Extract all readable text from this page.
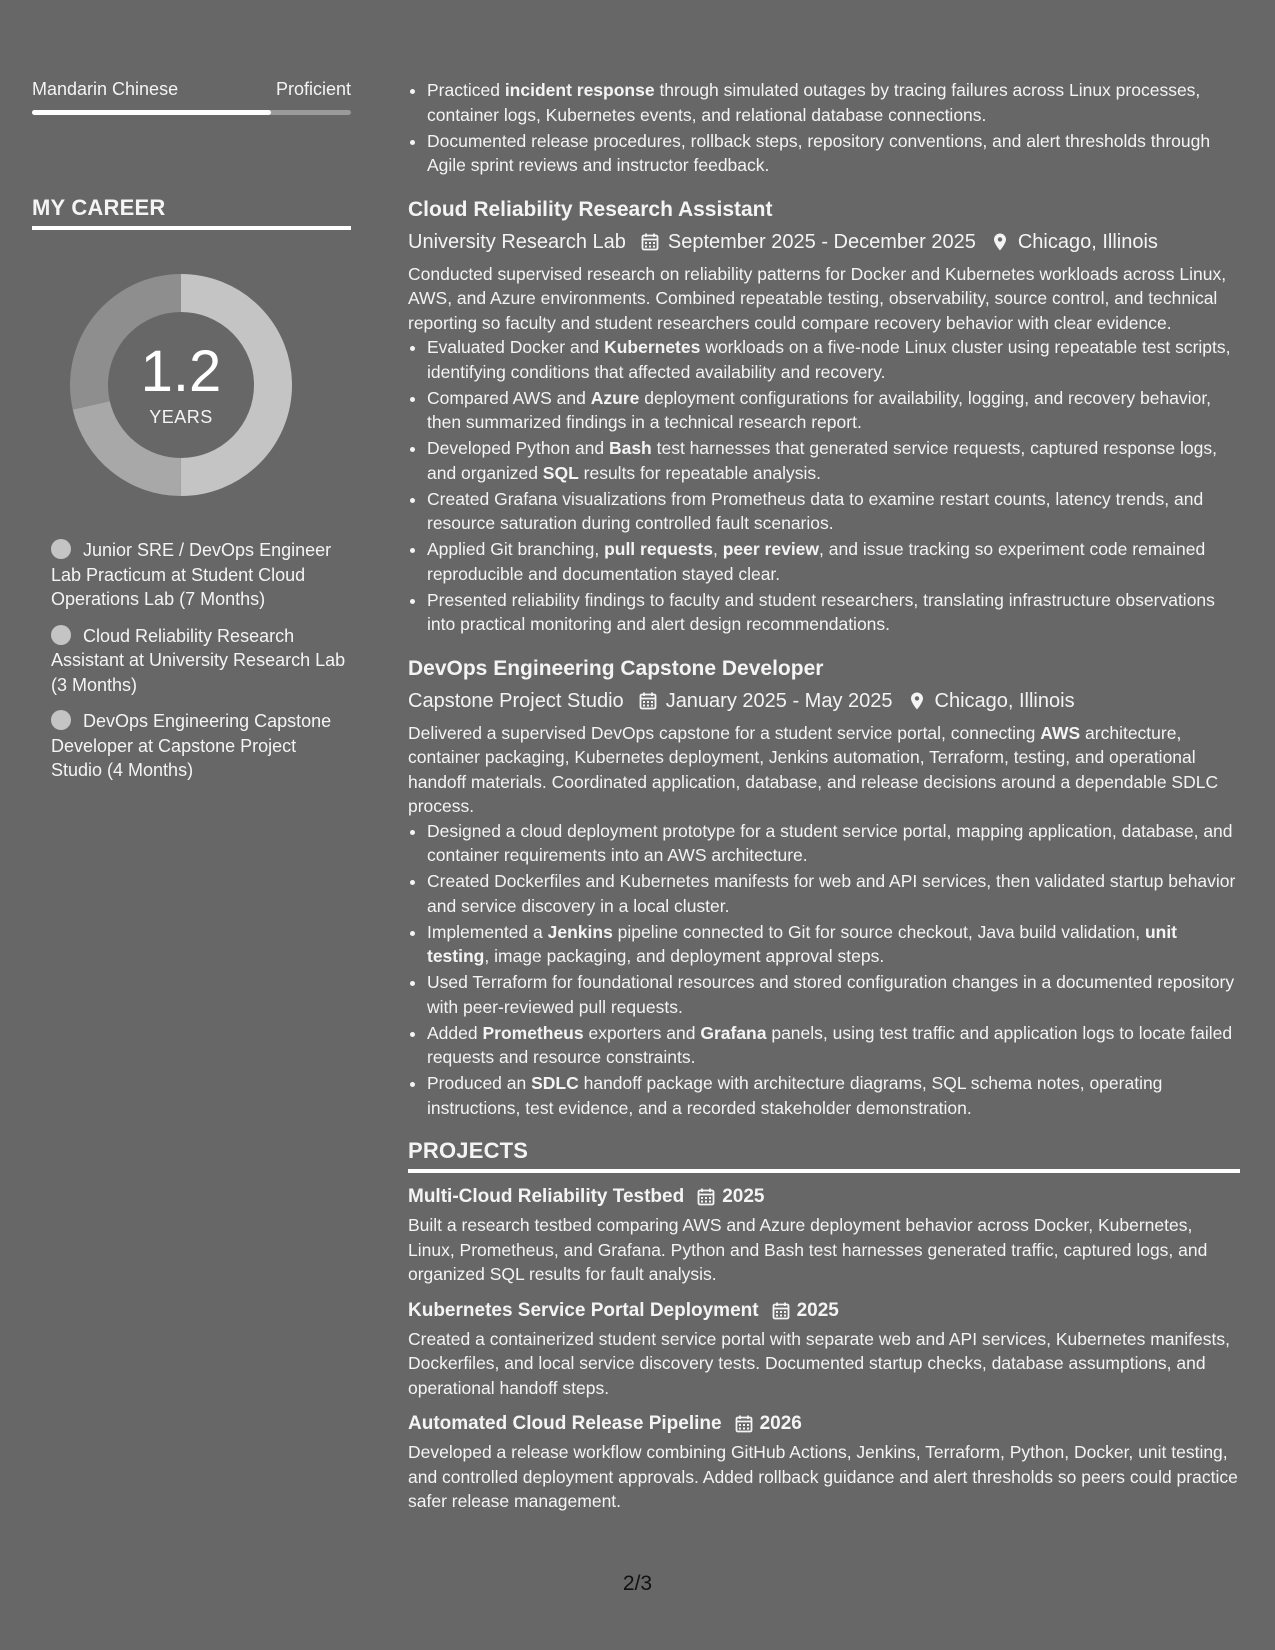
Mandarin Chinese	Proficient
MY CAREER
1.2
YEARS
Junior SRE / DevOps Engineer Lab Practicum at Student Cloud Operations Lab (7 Months)
Cloud Reliability Research Assistant at University Research Lab (3 Months)
DevOps Engineering Capstone Developer at Capstone Project Studio (4 Months)
• Practiced incident response through simulated outages by tracing failures across Linux processes, container logs, Kubernetes events, and relational database connections.
• Documented release procedures, rollback steps, repository conventions, and alert thresholds through Agile sprint reviews and instructor feedback.
Cloud Reliability Research Assistant
University Research Lab September 2025 - December 2025 Chicago, Illinois
Conducted supervised research on reliability patterns for Docker and Kubernetes workloads across Linux, AWS, and Azure environments. Combined repeatable testing, observability, source control, and technical reporting so faculty and student researchers could compare recovery behavior with clear evidence.
• Evaluated Docker and Kubernetes workloads on a five-node Linux cluster using repeatable test scripts, identifying conditions that affected availability and recovery.
• Compared AWS and Azure deployment configurations for availability, logging, and recovery behavior, then summarized findings in a technical research report.
• Developed Python and Bash test harnesses that generated service requests, captured response logs, and organized SQL results for repeatable analysis.
• Created Grafana visualizations from Prometheus data to examine restart counts, latency trends, and resource saturation during controlled fault scenarios.
• Applied Git branching, pull requests, peer review, and issue tracking so experiment code remained reproducible and documentation stayed clear.
• Presented reliability findings to faculty and student researchers, translating infrastructure observations into practical monitoring and alert design recommendations.
DevOps Engineering Capstone Developer
Capstone Project Studio January 2025 - May 2025 Chicago, Illinois
Delivered a supervised DevOps capstone for a student service portal, connecting AWS architecture, container packaging, Kubernetes deployment, Jenkins automation, Terraform, testing, and operational handoff materials. Coordinated application, database, and release decisions around a dependable SDLC process.
• Designed a cloud deployment prototype for a student service portal, mapping application, database, and container requirements into an AWS architecture.
• Created Dockerfiles and Kubernetes manifests for web and API services, then validated startup behavior and service discovery in a local cluster.
• Implemented a Jenkins pipeline connected to Git for source checkout, Java build validation, unit testing, image packaging, and deployment approval steps.
• Used Terraform for foundational resources and stored configuration changes in a documented repository with peer-reviewed pull requests.
• Added Prometheus exporters and Grafana panels, using test traffic and application logs to locate failed requests and resource constraints.
• Produced an SDLC handoff package with architecture diagrams, SQL schema notes, operating instructions, test evidence, and a recorded stakeholder demonstration.
PROJECTS
Multi-Cloud Reliability Testbed 2025
Built a research testbed comparing AWS and Azure deployment behavior across Docker, Kubernetes, Linux, Prometheus, and Grafana. Python and Bash test harnesses generated traffic, captured logs, and organized SQL results for fault analysis.
Kubernetes Service Portal Deployment 2025
Created a containerized student service portal with separate web and API services, Kubernetes manifests, Dockerfiles, and local service discovery tests. Documented startup checks, database assumptions, and operational handoff steps.
Automated Cloud Release Pipeline 2026
Developed a release workflow combining GitHub Actions, Jenkins, Terraform, Python, Docker, unit testing, and controlled deployment approvals. Added rollback guidance and alert thresholds so peers could practice safer release management.
2/3
